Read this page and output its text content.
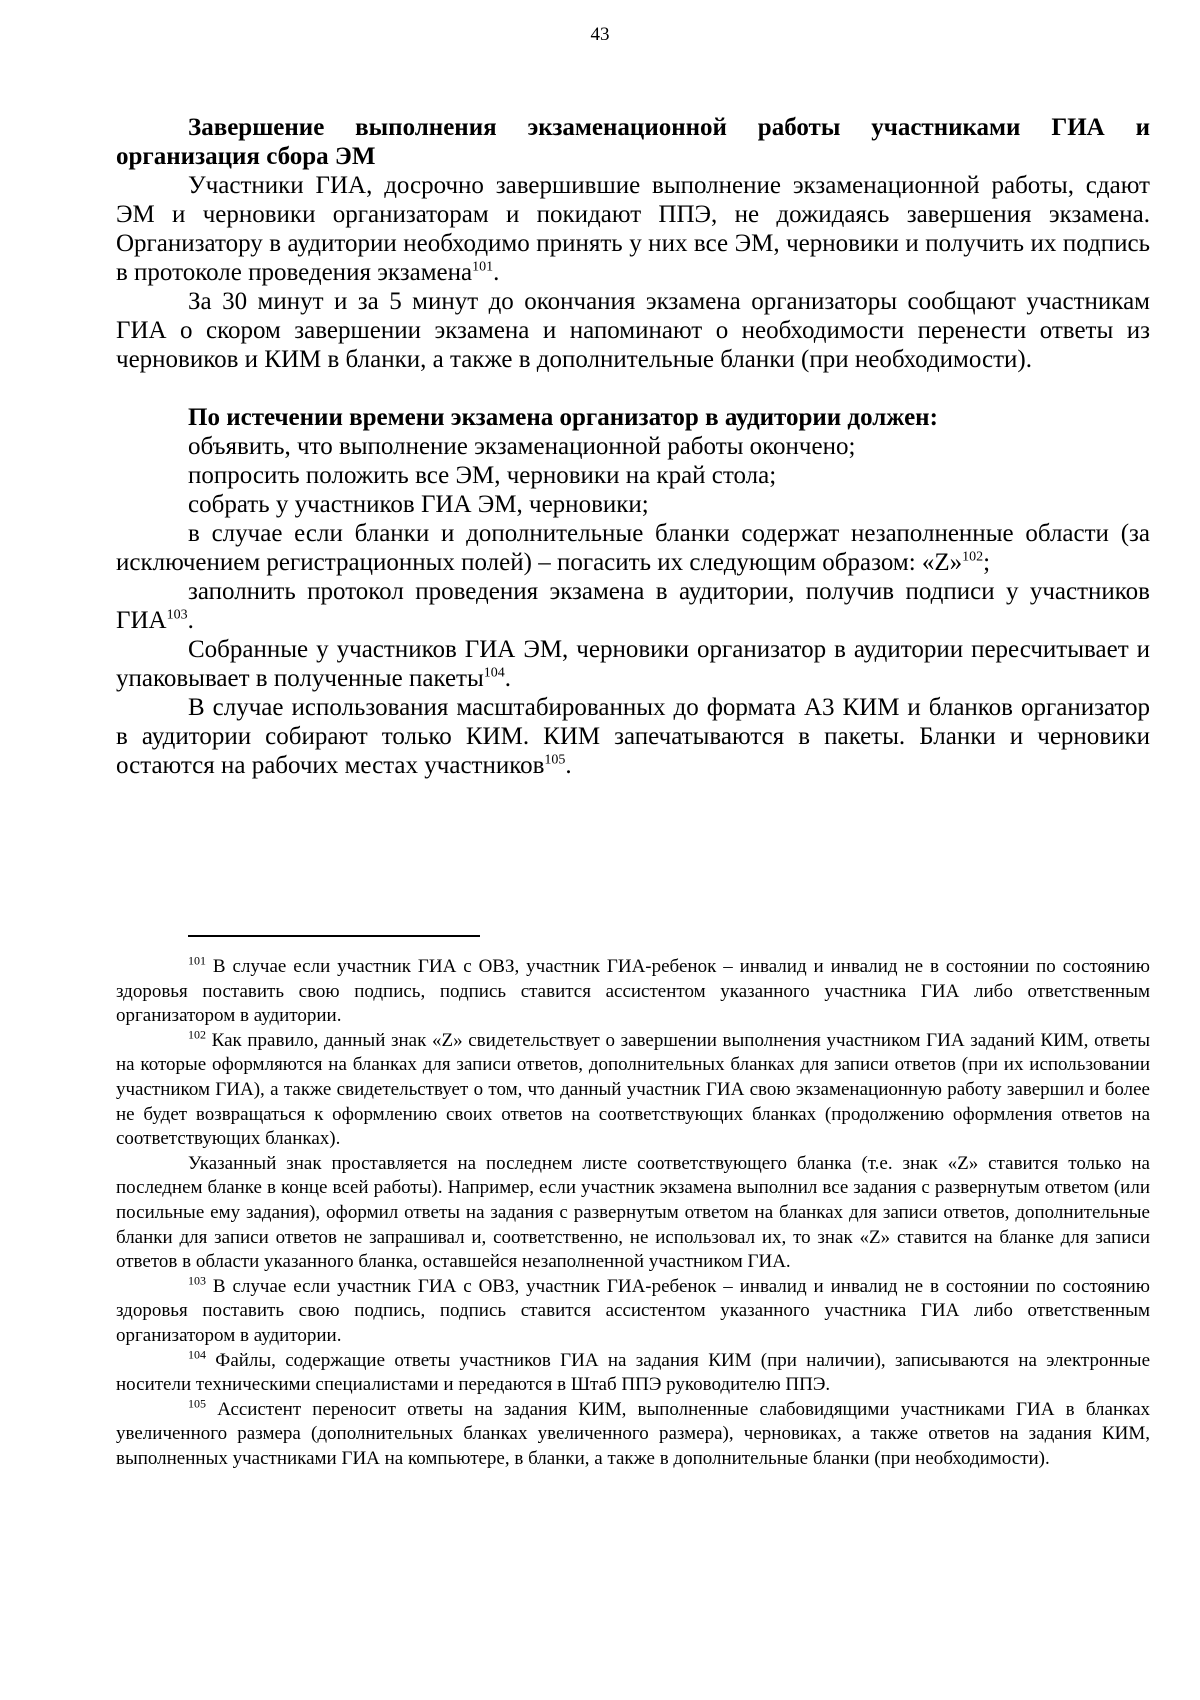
43
Завершение выполнения экзаменационной работы участниками ГИА и организация сбора ЭМ

Участники ГИА, досрочно завершившие выполнение экзаменационной работы, сдают ЭМ и черновики организаторам и покидают ППЭ, не дожидаясь завершения экзамена. Организатору в аудитории необходимо принять у них все ЭМ, черновики и получить их подпись в протоколе проведения экзамена$^{101}$.

За 30 минут и за 5 минут до окончания экзамена организаторы сообщают участникам ГИА о скором завершении экзамена и напоминают о необходимости перенести ответы из черновиков и КИМ в бланки, а также в дополнительные бланки (при необходимости).

По истечении времени экзамена организатор в аудитории должен:

объявить, что выполнение экзаменационной работы окончено;

попросить положить все ЭМ, черновики на край стола;

собрать у участников ГИА ЭМ, черновики;

в случае если бланки и дополнительные бланки содержат незаполненные области (за исключением регистрационных полей) – погасить их следующим образом: «Z»$^{102}$;

заполнить протокол проведения экзамена в аудитории, получив подписи у участников ГИА$^{103}$.

Собранные у участников ГИА ЭМ, черновики организатор в аудитории пересчитывает и упаковывает в полученные пакеты$^{104}$.

В случае использования масштабированных до формата А3 КИМ и бланков организатор в аудитории собирают только КИМ. КИМ запечатываются в пакеты. Бланки и черновики остаются на рабочих местах участников$^{105}$.

$^{101}$ В случае если участник ГИА с ОВЗ, участник ГИА-ребенок – инвалид и инвалид не в состоянии по состоянию здоровья поставить свою подпись, подпись ставится ассистентом указанного участника ГИА либо ответственным организатором в аудитории.

$^{102}$ Как правило, данный знак «Z» свидетельствует о завершении выполнения участником ГИА заданий КИМ, ответы на которые оформляются на бланках для записи ответов, дополнительных бланках для записи ответов (при их использовании участником ГИА), а также свидетельствует о том, что данный участник ГИА свою экзаменационную работу завершил и более не будет возвращаться к оформлению своих ответов на соответствующих бланках (продолжению оформления ответов на соответствующих бланках).

Указанный знак проставляется на последнем листе соответствующего бланка (т.е. знак «Z» ставится только на последнем бланке в конце всей работы). Например, если участник экзамена выполнил все задания с развернутым ответом (или посильные ему задания), оформил ответы на задания с развернутым ответом на бланках для записи ответов, дополнительные бланки для записи ответов не запрашивал и, соответственно, не использовал их, то знак «Z» ставится на бланке для записи ответов в области указанного бланка, оставшейся незаполненной участником ГИА.

$^{103}$ В случае если участник ГИА с ОВЗ, участник ГИА-ребенок – инвалид и инвалид не в состоянии по состоянию здоровья поставить свою подпись, подпись ставится ассистентом указанного участника ГИА либо ответственным организатором в аудитории.

$^{104}$ Файлы, содержащие ответы участников ГИА на задания КИМ (при наличии), записываются на электронные носители техническими специалистами и передаются в Штаб ППЭ руководителю ППЭ.

$^{105}$ Ассистент переносит ответы на задания КИМ, выполненные слабовидящими участниками ГИА в бланках увеличенного размера (дополнительных бланках увеличенного размера), черновиках, а также ответов на задания КИМ, выполненных участниками ГИА на компьютере, в бланки, а также в дополнительные бланки (при необходимости).
